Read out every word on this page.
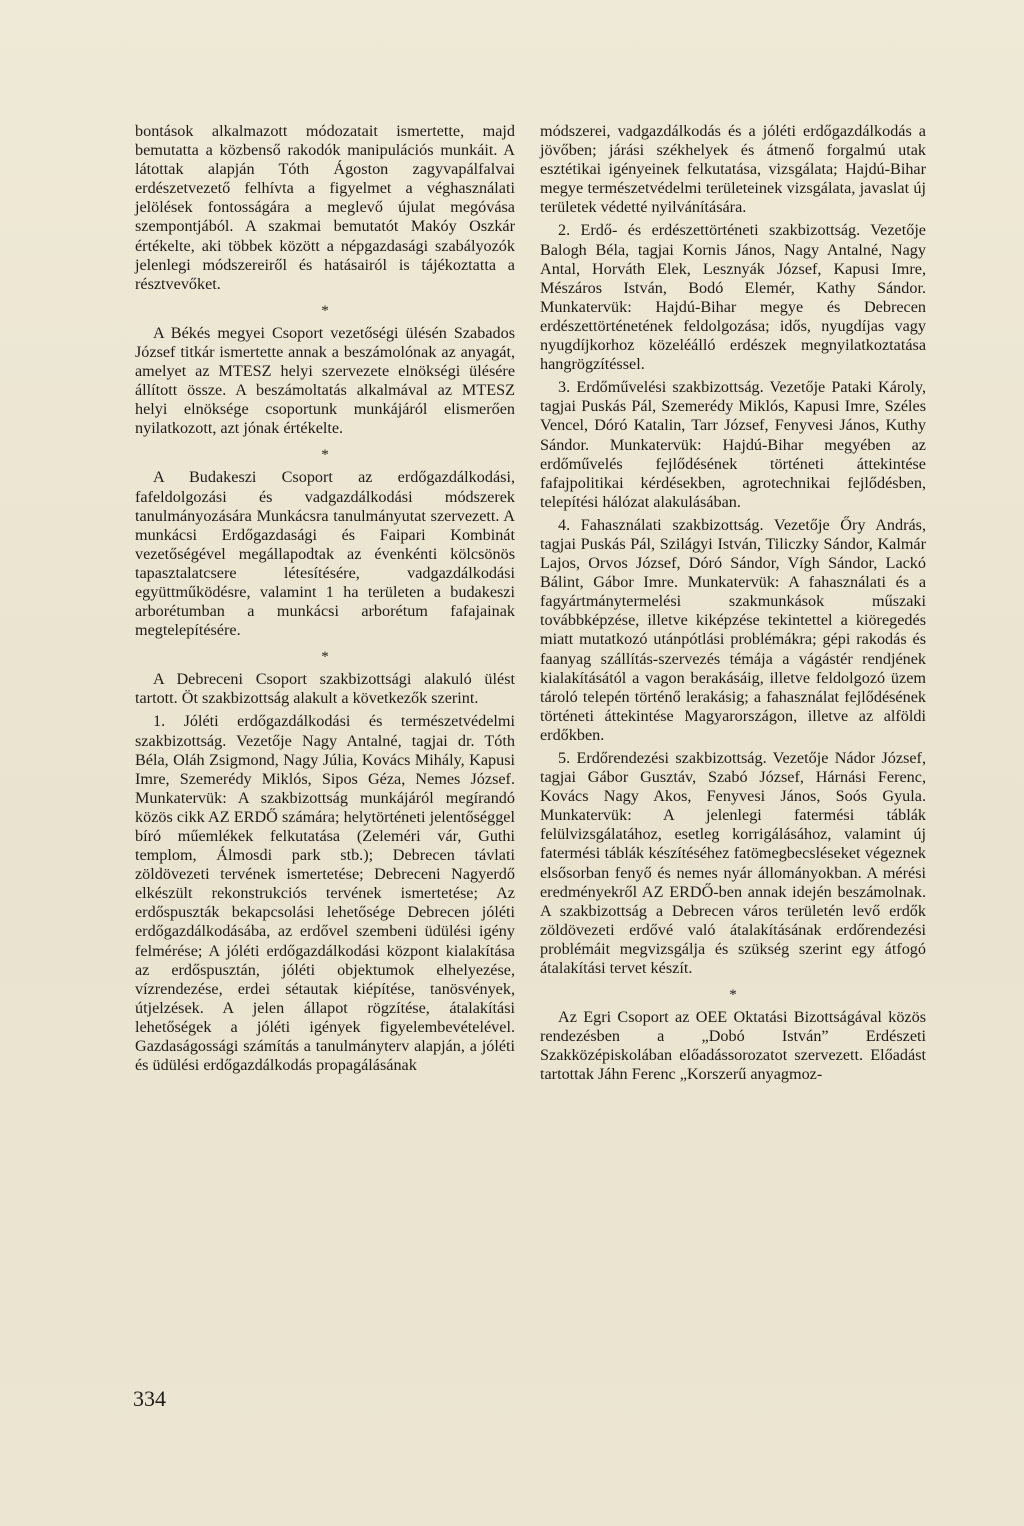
bontások alkalmazott módozatait ismertette, majd bemutatta a közbenső rakodók manipulációs munkáit. A látottak alapján Tóth Ágoston zagyvapálfalvai erdészetvezető felhívta a figyelmet a véghasználati jelölések fontosságára a meglevő újulat megóvása szempontjából. A szakmai bemutatót Makóy Oszkár értékelte, aki többek között a népgazdasági szabályozók jelenlegi módszereiről és hatásairól is tájékoztatta a résztvevőket.

*

A Békés megyei Csoport vezetőségi ülésén Szabados József titkár ismertette annak a beszámolónak az anyagát, amelyet az MTESZ helyi szervezete elnökségi ülésére állított össze. A beszámoltatás alkalmával az MTESZ helyi elnöksége csoportunk munkájáról elismerően nyilatkozott, azt jónak értékelte.

*

A Budakeszi Csoport az erdőgazdálkodási, fafeldolgozási és vadgazdálkodási módszerek tanulmányozására Munkácsra tanulmányutat szervezett. A munkácsi Erdőgazdasági és Faipari Kombinát vezetőségével megállapodtak az évenkénti kölcsönös tapasztalatcsere létesítésére, vadgazdálkodási együttműködésre, valamint 1 ha területen a budakeszi arborétumban a munkácsi arborétum fafajainak megtelepítésére.

*

A Debreceni Csoport szakbizottsági alakuló ülést tartott. Öt szakbizottság alakult a következők szerint.

1. Jóléti erdőgazdálkodási és természetvédelmi szakbizottság. Vezetője Nagy Antalné, tagjai dr. Tóth Béla, Oláh Zsigmond, Nagy Júlia, Kovács Mihály, Kapusi Imre, Szemerédy Miklós, Sipos Géza, Nemes József. Munkatervük: A szakbizottság munkájáról megírandó közös cikk AZ ERDŐ számára; helytörténeti jelentőséggel bíró műemlékek felkutatása (Zeleméri vár, Guthi templom, Álmosdi park stb.); Debrecen távlati zöldövezeti tervének ismertetése; Debreceni Nagyerdő elkészült rekonstrukciós tervének ismertetése; Az erdőspuszták bekapcsolási lehetősége Debrecen jóléti erdőgazdálkodásába, az erdővel szembeni üdülési igény felmérése; A jóléti erdőgazdálkodási központ kialakítása az erdőspusztán, jóléti objektumok elhelyezése, vízrendezése, erdei sétautak kiépítése, tanösvények, útjelzések. A jelen állapot rögzítése, átalakítási lehetőségek a jóléti igények figyelembevételével. Gazdaságossági számítás a tanulmányterv alapján, a jóléti és üdülési erdőgazdálkodás propagálásának

módszerei, vadgazdálkodás és a jóléti erdőgazdálkodás a jövőben; járási székhelyek és átmenő forgalmú utak esztétikai igényeinek felkutatása, vizsgálata; Hajdú-Bihar megye természetvédelmi területeinek vizsgálata, javaslat új területek védetté nyilvánítására.

2. Erdő- és erdészettörténeti szakbizottság. Vezetője Balogh Béla, tagjai Kornis János, Nagy Antalné, Nagy Antal, Horváth Elek, Lesznyák József, Kapusi Imre, Mészáros István, Bodó Elemér, Kathy Sándor. Munkatervük: Hajdú-Bihar megye és Debrecen erdészettörténetének feldolgozása; idős, nyugdíjas vagy nyugdíjkorhoz közeléálló erdészek megnyilatkoztatása hangrögzítéssel.

3. Erdőművelési szakbizottság. Vezetője Pataki Károly, tagjai Puskás Pál, Szemerédy Miklós, Kapusi Imre, Széles Vencel, Dóró Katalin, Tarr József, Fenyvesi János, Kuthy Sándor. Munkatervük: Hajdú-Bihar megyében az erdőművelés fejlődésének történeti áttekintése fafajpolitikai kérdésekben, agrotechnikai fejlődésben, telepítési hálózat alakulásában.

4. Fahasználati szakbizottság. Vezetője Őry András, tagjai Puskás Pál, Szilágyi István, Tiliczky Sándor, Kalmár Lajos, Orvos József, Dóró Sándor, Vígh Sándor, Lackó Bálint, Gábor Imre. Munkatervük: A fahasználati és a fagyártmánytermelési szakmunkások műszaki továbbképzése, illetve kiképzése tekintettel a kiöregedés miatt mutatkozó utánpótlási problémákra; gépi rakodás és faanyag szállítás-szervezés témája a vágástér rendjének kialakításától a vagon berakásáig, illetve feldolgozó üzem tároló telepén történő lerakásig; a fahasználat fejlődésének történeti áttekintése Magyarországon, illetve az alföldi erdőkben.

5. Erdőrendezési szakbizottság. Vezetője Nádor József, tagjai Gábor Gusztáv, Szabó József, Hárnási Ferenc, Kovács Nagy Akos, Fenyvesi János, Soós Gyula. Munkatervük: A jelenlegi fatermési táblák felülvizsgálatához, esetleg korrigálásához, valamint új fatermési táblák készítéséhez fatömegbecsléseket végeznek elsősorban fenyő és nemes nyár állományokban. A mérési eredményekről AZ ERDŐ-ben annak idején beszámolnak. A szakbizottság a Debrecen város területén levő erdők zöldövezeti erdővé való átalakításának erdőrendezési problémáit megvizsgálja és szükség szerint egy átfogó átalakítási tervet készít.

*

Az Egri Csoport az OEE Oktatási Bizottságával közös rendezésben a „Dobó István” Erdészeti Szakközépiskolában előadássorozatot szervezett. Előadást tartottak Jáhn Ferenc „Korszerű anyagmoz-

334
